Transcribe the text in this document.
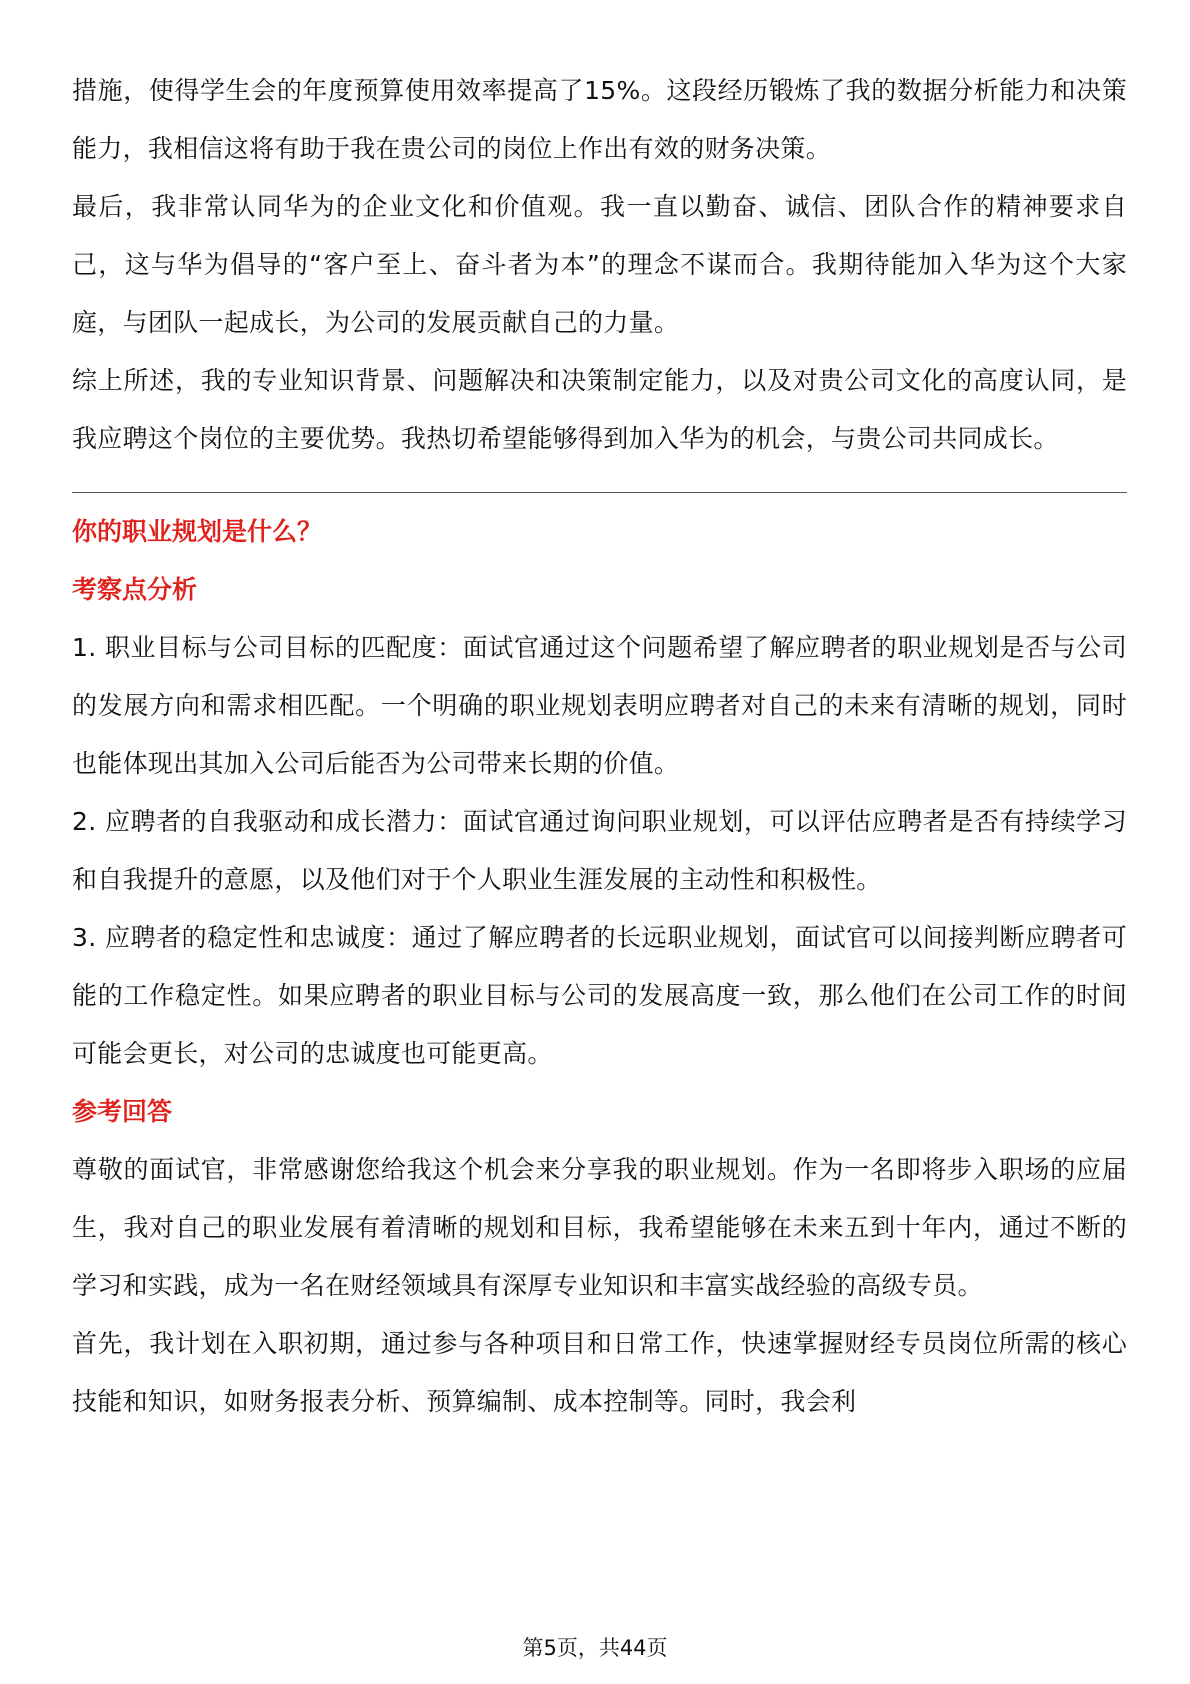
措施，使得学生会的年度预算使用效率提高了15%。这段经历锻炼了我的数据分析能力和决策能力，我相信这将有助于我在贵公司的岗位上作出有效的财务决策。

最后，我非常认同华为的企业文化和价值观。我一直以勤奋、诚信、团队合作的精神要求自己，这与华为倡导的“客户至上、奋斗者为本”的理念不谋而合。我期待能加入华为这个大家庭，与团队一起成长，为公司的发展贡献自己的力量。

综上所述，我的专业知识背景、问题解决和决策制定能力，以及对贵公司文化的高度认同，是我应聘这个岗位的主要优势。我热切希望能够得到加入华为的机会，与贵公司共同成长。

你的职业规划是什么？
考察点分析

1. 职业目标与公司目标的匹配度：面试官通过这个问题希望了解应聘者的职业规划是否与公司的发展方向和需求相匹配。一个明确的职业规划表明应聘者对自己的未来有清晰的规划，同时也能体现出其加入公司后能否为公司带来长期的价值。

2. 应聘者的自我驱动和成长潜力：面试官通过询问职业规划，可以评估应聘者是否有持续学习和自我提升的意愿，以及他们对于个人职业生涯发展的主动性和积极性。

3. 应聘者的稳定性和忠诚度：通过了解应聘者的长远职业规划，面试官可以间接判断应聘者可能的工作稳定性。如果应聘者的职业目标与公司的发展高度一致，那么他们在公司工作的时间可能会更长，对公司的忠诚度也可能更高。

参考回答

尊敬的面试官，非常感谢您给我这个机会来分享我的职业规划。作为一名即将步入职场的应届生，我对自己的职业发展有着清晰的规划和目标，我希望能够在未来五到十年内，通过不断的学习和实践，成为一名在财经领域具有深厚专业知识和丰富实战经验的高级专员。

首先，我计划在入职初期，通过参与各种项目和日常工作，快速掌握财经专员岗位所需的核心技能和知识，如财务报表分析、预算编制、成本控制等。同时，我会利

第5页，共44页
